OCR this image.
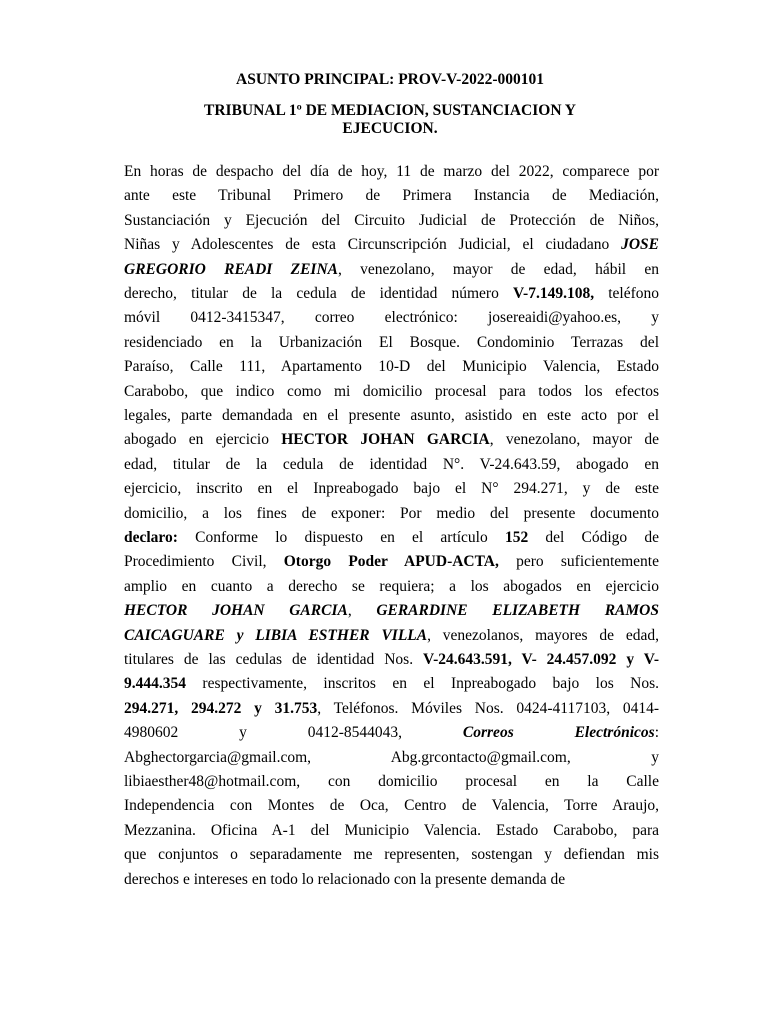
ASUNTO PRINCIPAL: PROV-V-2022-000101
TRIBUNAL 1º DE MEDIACION, SUSTANCIACION Y
EJECUCION.
En horas de despacho del día de hoy, 11 de marzo del 2022, comparece por
ante este Tribunal Primero de Primera Instancia de Mediación,
Sustanciación y Ejecución del Circuito Judicial de Protección de Niños,
Niñas y Adolescentes de esta Circunscripción Judicial, el ciudadano JOSE
GREGORIO READI ZEINA, venezolano, mayor de edad, hábil en
derecho, titular de la cedula de identidad número V-7.149.108, teléfono
móvil 0412-3415347, correo electrónico: josereaidi@yahoo.es, y
residenciado en la Urbanización El Bosque. Condominio Terrazas del
Paraíso, Calle 111, Apartamento 10-D del Municipio Valencia, Estado
Carabobo, que indico como mi domicilio procesal para todos los efectos
legales, parte demandada en el presente asunto, asistido en este acto por el
abogado en ejercicio HECTOR JOHAN GARCIA, venezolano, mayor de
edad, titular de la cedula de identidad N°. V-24.643.59, abogado en
ejercicio, inscrito en el Inpreabogado bajo el N° 294.271, y de este
domicilio, a los fines de exponer: Por medio del presente documento
declaro: Conforme lo dispuesto en el artículo 152 del Código de
Procedimiento Civil, Otorgo Poder APUD-ACTA, pero suficientemente
amplio en cuanto a derecho se requiera; a los abogados en ejercicio
HECTOR JOHAN GARCIA, GERARDINE ELIZABETH RAMOS
CAICAGUARE y LIBIA ESTHER VILLA, venezolanos, mayores de edad,
titulares de las cedulas de identidad Nos. V-24.643.591, V- 24.457.092 y V-
9.444.354 respectivamente, inscritos en el Inpreabogado bajo los Nos.
294.271, 294.272 y 31.753, Teléfonos. Móviles Nos. 0424-4117103, 0414-
4980602 y 0412-8544043, Correos Electrónicos:
Abghectorgarcia@gmail.com, Abg.grcontacto@gmail.com, y
libiaesther48@hotmail.com, con domicilio procesal en la Calle
Independencia con Montes de Oca, Centro de Valencia, Torre Araujo,
Mezzanina. Oficina A-1 del Municipio Valencia. Estado Carabobo, para
que conjuntos o separadamente me representen, sostengan y defiendan mis
derechos e intereses en todo lo relacionado con la presente demanda de
